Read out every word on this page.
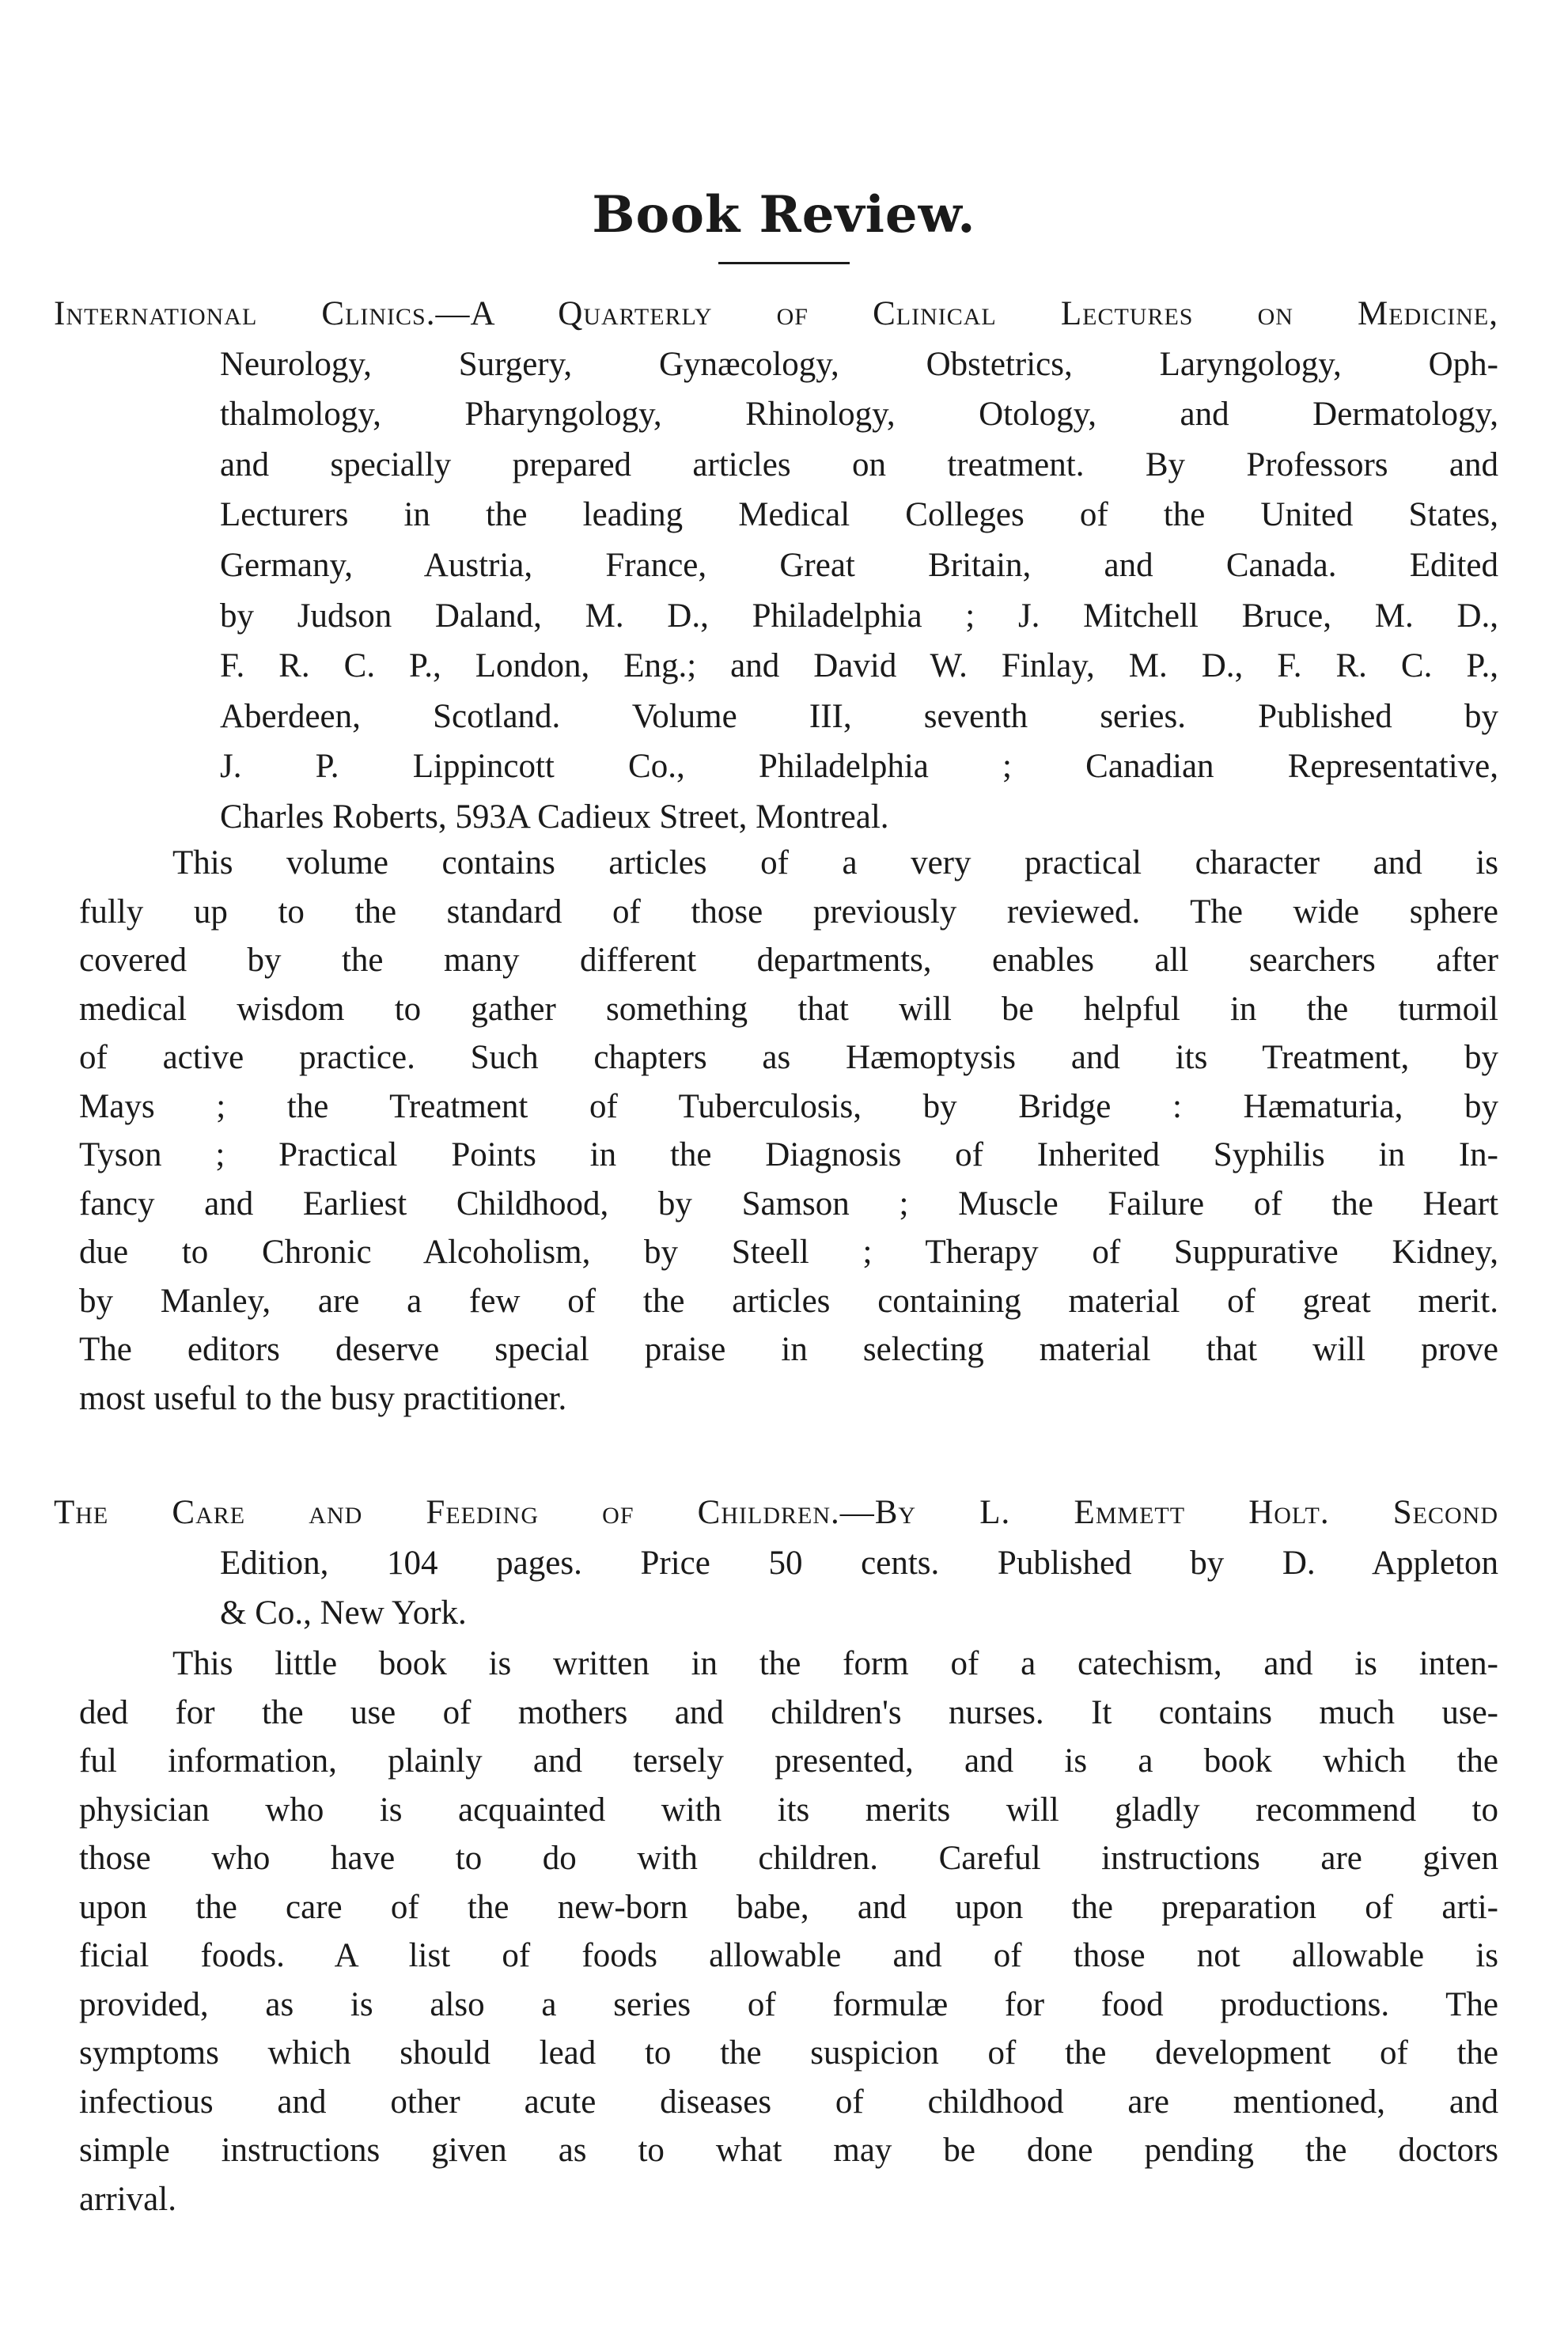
Book Review.
International Clinics.—A Quarterly of Clinical Lectures on Medicine,
Neurology, Surgery, Gynæcology, Obstetrics, Laryngology, Oph-
thalmology, Pharyngology, Rhinology, Otology, and Dermatology,
and specially prepared articles on treatment. By Professors and
Lecturers in the leading Medical Colleges of the United States,
Germany, Austria, France, Great Britain, and Canada. Edited
by Judson Daland, M. D., Philadelphia ; J. Mitchell Bruce, M. D.,
F. R. C. P., London, Eng.; and David W. Finlay, M. D., F. R. C. P.,
Aberdeen, Scotland. Volume III, seventh series. Published by
J. P. Lippincott Co., Philadelphia ; Canadian Representative,
Charles Roberts, 593A Cadieux Street, Montreal.
This volume contains articles of a very practical character and is
fully up to the standard of those previously reviewed. The wide sphere
covered by the many different departments, enables all searchers after
medical wisdom to gather something that will be helpful in the turmoil
of active practice. Such chapters as Hæmoptysis and its Treatment, by
Mays ; the Treatment of Tuberculosis, by Bridge : Hæmaturia, by
Tyson ; Practical Points in the Diagnosis of Inherited Syphilis in In-
fancy and Earliest Childhood, by Samson ; Muscle Failure of the Heart
due to Chronic Alcoholism, by Steell ; Therapy of Suppurative Kidney,
by Manley, are a few of the articles containing material of great merit.
The editors deserve special praise in selecting material that will prove
most useful to the busy practitioner.
The Care and Feeding of Children.—By L. Emmett Holt. Second
Edition, 104 pages. Price 50 cents. Published by D. Appleton
& Co., New York.
This little book is written in the form of a catechism, and is inten-
ded for the use of mothers and children's nurses. It contains much use-
ful information, plainly and tersely presented, and is a book which the
physician who is acquainted with its merits will gladly recommend to
those who have to do with children. Careful instructions are given
upon the care of the new-born babe, and upon the preparation of arti-
ficial foods. A list of foods allowable and of those not allowable is
provided, as is also a series of formulæ for food productions. The
symptoms which should lead to the suspicion of the development of the
infectious and other acute diseases of childhood are mentioned, and
simple instructions given as to what may be done pending the doctors
arrival.
